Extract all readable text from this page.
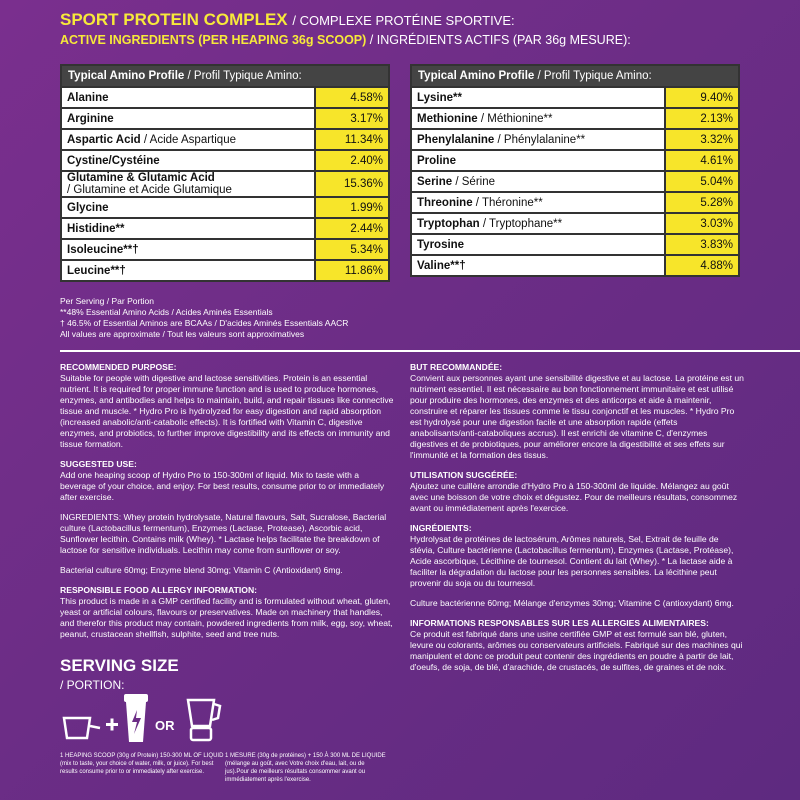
SPORT PROTEIN COMPLEX / COMPLEXE PROTÉINE SPORTIVE:
ACTIVE INGREDIENTS (PER HEAPING 36g SCOOP) / INGRÉDIENTS ACTIFS (PAR 36g MESURE):
Typical Amino Profile / Profil Typique Amino:	
Alanine	4.58%
Arginine	3.17%
Aspartic Acid / Acide Aspartique	11.34%
Cystine/Cystéine	2.40%
Glutamine & Glutamic Acid
/ Glutamine et Acide Glutamique	15.36%
Glycine	1.99%
Histidine**	2.44%
Isoleucine**†	5.34%
Leucine**†	11.86%
Typical Amino Profile / Profil Typique Amino:	
Lysine**	9.40%
Methionine / Méthionine**	2.13%
Phenylalanine / Phénylalanine**	3.32%
Proline	4.61%
Serine / Sérine	5.04%
Threonine / Théronine**	5.28%
Tryptophan / Tryptophane**	3.03%
Tyrosine	3.83%
Valine**†	4.88%
Per Serving / Par Portion
**48% Essential Amino Acids / Acides Aminés Essentials
† 46.5% of Essential Aminos are BCAAs / D'acides Aminés Essentials AACR
All values are approximate / Tout les valeurs sont approximatives
RECOMMENDED PURPOSE:

Suitable for people with digestive and lactose sensitivities. Protein is an essential nutrient. It is required for proper immune function and is used to produce hormones, enzymes, and antibodies and helps to maintain, build, and repair tissues like connective tissue and muscle. * Hydro Pro is hydrolyzed for easy digestion and rapid absorption (increased anabolic/anti-catabolic effects). It is fortified with Vitamin C, digestive enzymes, and probiotics, to further improve digestibility and its effects on immunity and tissue formation.

SUGGESTED USE:

Add one heaping scoop of Hydro Pro to 150-300ml of liquid. Mix to taste with a beverage of your choice, and enjoy. For best results, consume prior to or immediately after exercise.

INGREDIENTS: Whey protein hydrolysate, Natural flavours, Salt, Sucralose, Bacterial culture (Lactobacillus fermentum), Enzymes (Lactase, Protease), Ascorbic acid, Sunflower lecithin. Contains milk (Whey). * Lactase helps facilitate the breakdown of lactose for sensitive individuals. Lecithin may come from sunflower or soy.

Bacterial culture 60mg; Enzyme blend 30mg; Vitamin C (Antioxidant) 6mg.

RESPONSIBLE FOOD ALLERGY INFORMATION:

This product is made in a GMP certified facility and is formulated without wheat, gluten, yeast or artificial colours, flavours or preservatives. Made on machinery that handles, and therefor this product may contain, powdered ingredients from milk, egg, soy, wheat, peanut, crustacean shellfish, sulphite, seed and tree nuts.

BUT RECOMMANDÉE:

Convient aux personnes ayant une sensibilité digestive et au lactose. La protéine est un nutriment essentiel. Il est nécessaire au bon fonctionnement immunitaire et est utilisé pour produire des hormones, des enzymes et des anticorps et aide à maintenir, construire et réparer les tissues comme le tissu conjonctif et les muscles. * Hydro Pro est hydrolysé pour une digestion facile et une absorption rapide (effets anabolisants/anti-cataboliques accrus). Il est enrichi de vitamine C, d'enzymes digestives et de probiotiques, pour améliorer encore la digestibilité et ses effets sur l'immunité et la formation des tissus.

UTILISATION SUGGÉRÉE:

Ajoutez une cuillère arrondie d'Hydro Pro à 150-300ml de liquide. Mélangez au goût avec une boisson de votre choix et dégustez. Pour de meilleurs résultats, consommez avant ou immédiatement après l'exercice.

INGRÉDIENTS:

Hydrolysat de protéines de lactosérum, Arômes naturels, Sel, Extrait de feuille de stévia, Culture bactérienne (Lactobacillus fermentum), Enzymes (Lactase, Protéase), Acide ascorbique, Lécithine de tournesol. Contient du lait (Whey). * La lactase aide à faciliter la dégradation du lactose pour les personnes sensibles. La lécithine peut provenir du soja ou du tournesol.

Culture bactérienne 60mg; Mélange d'enzymes 30mg; Vitamine C (antioxydant) 6mg.

INFORMATIONS RESPONSABLES SUR LES ALLERGIES ALIMENTAIRES:

Ce produit est fabriqué dans une usine certifiée GMP et est formulé san blé, gluten, levure ou colorants, arômes ou conservateurs artificiels. Fabriqué sur des machines qui manipulent et donc ce produit peut contenir des ingrédients en poudre à partir de lait, d'oeufs, de soja, de blé, d'arachide, de crustacés, de sulfites, de graines et de noix.

SERVING SIZE
/ PORTION:
OR
1 HEAPING SCOOP (30g of Protein) 150-300 ML OF LIQUID (mix to taste, your choice of water, milk, or juice). For best results consume prior to or immediately after exercise.
1 MESURE (30g de protéines) + 150 À 300 ML DE LIQUIDE (mélange au goût, avec Votre choix d'eau, lait, ou de jus).Pour de meilleurs résultats consommer avant ou immédiatement après l'exercise.
